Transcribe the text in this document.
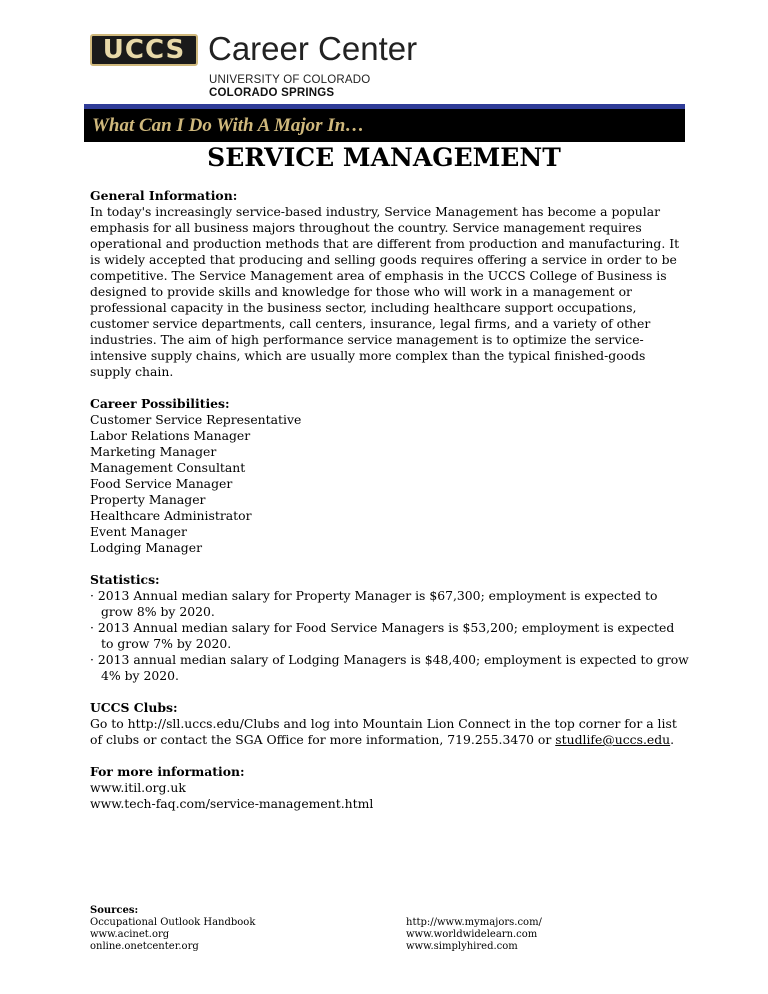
UCCS Career Center
UNIVERSITY OF COLORADO
COLORADO SPRINGS
What Can I Do With A Major In…
SERVICE MANAGEMENT
General Information:
In today's increasingly service-based industry, Service Management has become a popular emphasis for all business majors throughout the country. Service management requires operational and production methods that are different from production and manufacturing. It is widely accepted that producing and selling goods requires offering a service in order to be competitive. The Service Management area of emphasis in the UCCS College of Business is designed to provide skills and knowledge for those who will work in a management or professional capacity in the business sector, including healthcare support occupations, customer service departments, call centers, insurance, legal firms, and a variety of other industries. The aim of high performance service management is to optimize the service-intensive supply chains, which are usually more complex than the typical finished-goods supply chain.
Career Possibilities:
Customer Service Representative
Labor Relations Manager
Marketing Manager
Management Consultant
Food Service Manager
Property Manager
Healthcare Administrator
Event Manager
Lodging Manager
Statistics:
· 2013 Annual median salary for Property Manager is $67,300; employment is expected to grow 8% by 2020.
· 2013 Annual median salary for Food Service Managers is $53,200; employment is expected to grow 7% by 2020.
· 2013 annual median salary of Lodging Managers is $48,400; employment is expected to grow 4% by 2020.
UCCS Clubs:
Go to http://sll.uccs.edu/Clubs and log into Mountain Lion Connect in the top corner for a list of clubs or contact the SGA Office for more information, 719.255.3470 or studlife@uccs.edu.
For more information:
www.itil.org.uk
www.tech-faq.com/service-management.html
Sources:
Occupational Outlook Handbook
www.acinet.org
online.onetcenter.org
http://www.mymajors.com/
www.worldwidelearn.com
www.simplyhired.com
